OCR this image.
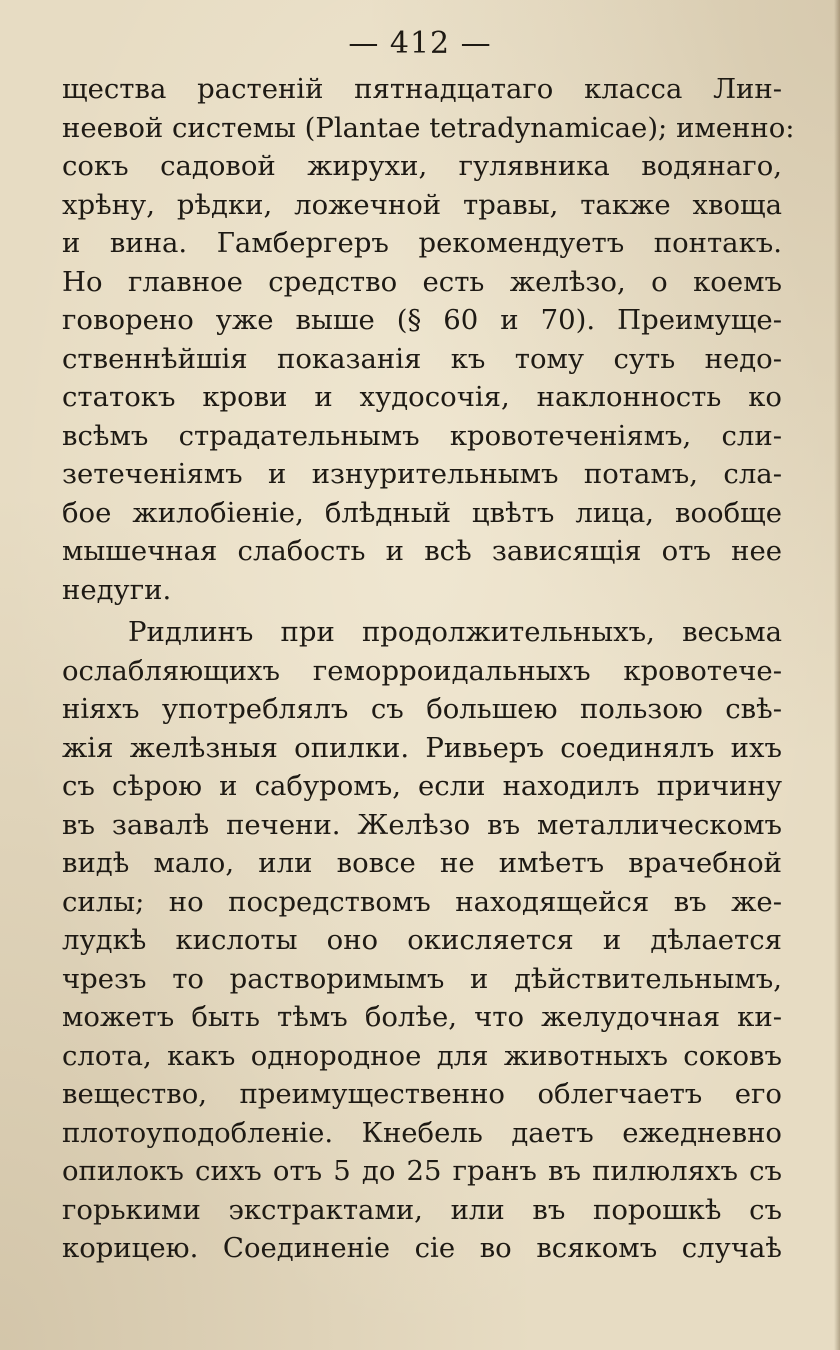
— 412 —
щества растеній пятнадцатаго класса Лин-
неевой системы (Plantae tetradynamicae); именно:
сокъ садовой жирухи, гулявника водянаго,
хрѣну, рѣдки, ложечной травы, также хвоща
и вина. Гамбергеръ рекомендуетъ понтакъ.
Но главное средство есть желѣзо, о коемъ
говорено уже выше (§ 60 и 70). Преимуще-
ственнѣйшія показанія къ тому суть недо-
статокъ крови и худосочія, наклонность ко
всѣмъ страдательнымъ кровотеченіямъ, сли-
зетеченіямъ и изнурительнымъ потамъ, сла-
бое жилобіеніе, блѣдный цвѣтъ лица, вообще
мышечная слабость и всѣ зависящія отъ нее
недуги.
Ридлинъ при продолжительныхъ, весьма
ослабляющихъ геморроидальныхъ кровотече-
ніяхъ употреблялъ съ большею пользою свѣ-
жія желѣзныя опилки. Ривьеръ соединялъ ихъ
съ сѣрою и сабуромъ, если находилъ причину
въ завалѣ печени. Желѣзо въ металлическомъ
видѣ мало, или вовсе не имѣетъ врачебной
силы; но посредствомъ находящейся въ же-
лудкѣ кислоты оно окисляется и дѣлается
чрезъ то растворимымъ и дѣйствительнымъ,
можетъ быть тѣмъ болѣе, что желудочная ки-
слота, какъ однородное для животныхъ соковъ
вещество, преимущественно облегчаетъ его
плотоуподобленіе. Кнебель даетъ ежедневно
опилокъ сихъ отъ 5 до 25 гранъ въ пилюляхъ съ
горькими экстрактами, или въ порошкѣ съ
корицею. Соединеніе сіе во всякомъ случаѣ
